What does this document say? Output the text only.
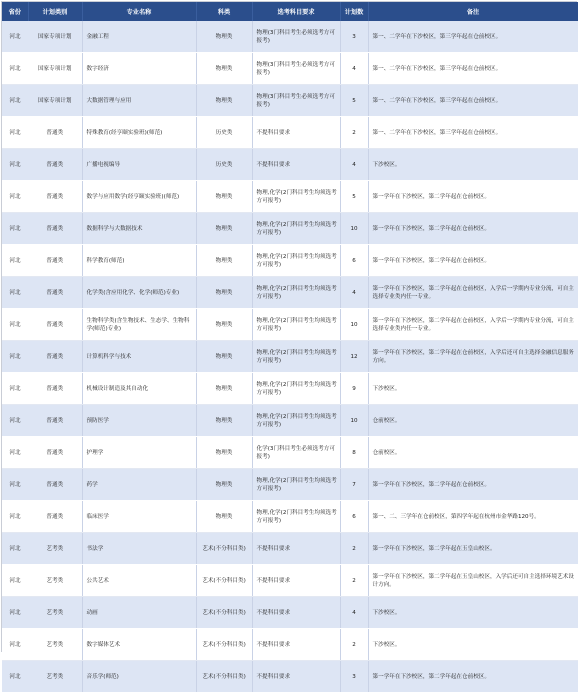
省份	计划类别	专业名称	科类	选考科目要求	计划数	备注
河北	国家专项计划	金融工程	物理类	物理(3门科目考生必须选考方可报考)	3	第一、二学年在下沙校区，第三学年起在仓前校区。
河北	国家专项计划	数字经济	物理类	物理(3门科目考生必须选考方可报考)	4	第一、二学年在下沙校区，第三学年起在仓前校区。
河北	国家专项计划	大数据管理与应用	物理类	物理(3门科目考生必须选考方可报考)	5	第一、二学年在下沙校区，第三学年起在仓前校区。
河北	普通类	特殊教育(经亨颐实验班)(师范)	历史类	不提科目要求	2	第一、二学年在下沙校区，第三学年起在仓前校区。
河北	普通类	广播电视编导	历史类	不提科目要求	4	下沙校区。
河北	普通类	数学与应用数学(经亨颐实验班)(师范)	物理类	物理,化学(2门科目考生均须选考方可报考)	5	第一学年在下沙校区，第二学年起在仓前校区。
河北	普通类	数据科学与大数据技术	物理类	物理,化学(2门科目考生均须选考方可报考)	10	第一学年在下沙校区，第二学年起在仓前校区。
河北	普通类	科学教育(师范)	物理类	物理,化学(2门科目考生均须选考方可报考)	6	第一学年在下沙校区，第二学年起在仓前校区。
河北	普通类	化学类(含应用化学、化学(师范)专业)	物理类	物理,化学(2门科目考生均须选考方可报考)	4	第一学年在下沙校区，第二学年起在仓前校区，入学后一学期内专业分流，可自主选择专业类内任一专业。
河北	普通类	生物科学类(含生物技术、生态学、生物科学(师范)专业)	物理类	物理,化学(2门科目考生均须选考方可报考)	10	第一学年在下沙校区，第二学年起在仓前校区，入学后一学期内专业分流，可自主选择专业类内任一专业。
河北	普通类	计算机科学与技术	物理类	物理,化学(2门科目考生均须选考方可报考)	12	第一学年在下沙校区，第二学年起在仓前校区，入学后还可自主选择金融信息服务方向。
河北	普通类	机械设计制造及其自动化	物理类	物理,化学(2门科目考生均须选考方可报考)	9	下沙校区。
河北	普通类	预防医学	物理类	物理,化学(2门科目考生均须选考方可报考)	10	仓前校区。
河北	普通类	护理学	物理类	化学(3门科目考生必须选考方可报考)	8	仓前校区。
河北	普通类	药学	物理类	物理,化学(2门科目考生均须选考方可报考)	7	第一学年在下沙校区，第二学年起在仓前校区。
河北	普通类	临床医学	物理类	物理,化学(2门科目考生均须选考方可报考)	6	第一、二、三学年在仓前校区，第四学年起在杭州市金华路120号。
河北	艺考类	书法学	艺术(不分科目类)	不提科目要求	2	第一学年在下沙校区，第二学年起在玉皇山校区。
河北	艺考类	公共艺术	艺术(不分科目类)	不提科目要求	2	第一学年在下沙校区，第二学年起在玉皇山校区，入学后还可自主选择环境艺术设计方向。
河北	艺考类	动画	艺术(不分科目类)	不提科目要求	4	下沙校区。
河北	艺考类	数字媒体艺术	艺术(不分科目类)	不提科目要求	2	下沙校区。
河北	艺考类	音乐学(师范)	艺术(不分科目类)	不提科目要求	3	第一学年在下沙校区，第二学年起在仓前校区。
